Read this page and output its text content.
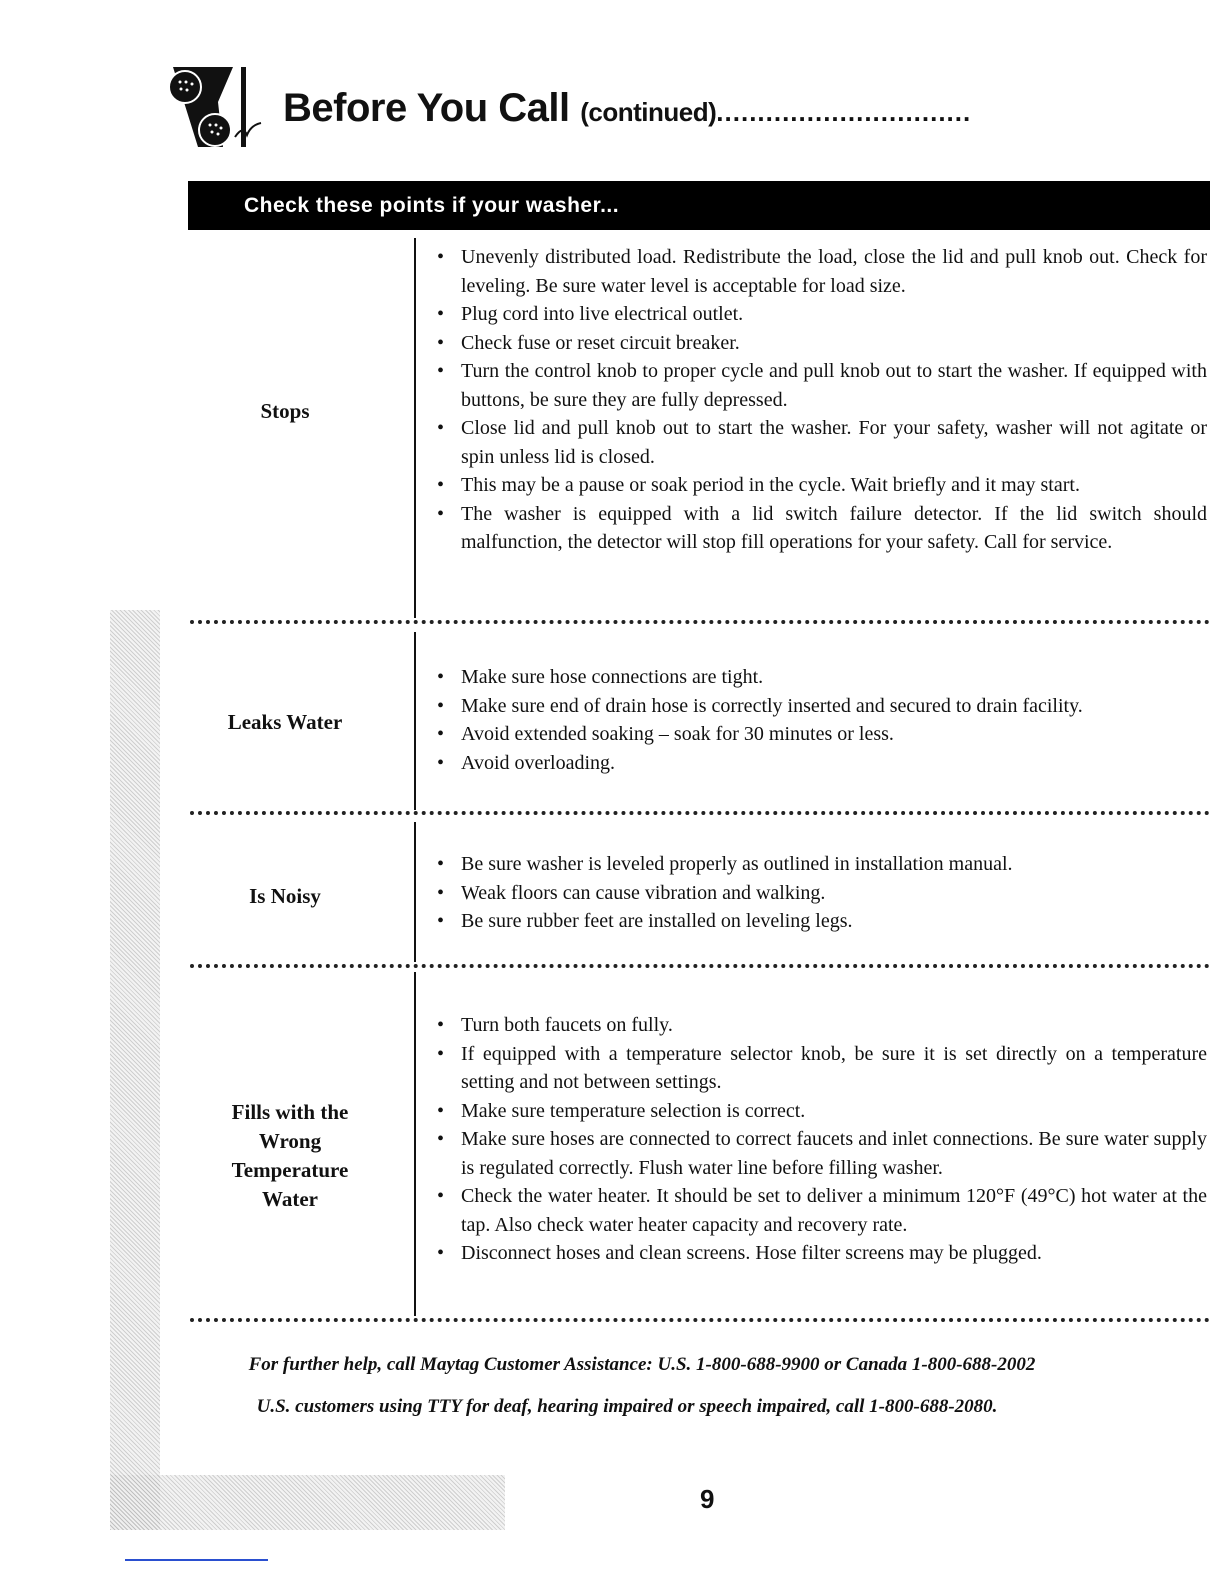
Before You Call (continued)...............................
Check these points if your washer...
Stops
• Unevenly distributed load. Redistribute the load, close the lid and pull knob out. Check for leveling. Be sure water level is acceptable for load size.
• Plug cord into live electrical outlet.
• Check fuse or reset circuit breaker.
• Turn the control knob to proper cycle and pull knob out to start the washer. If equipped with buttons, be sure they are fully depressed.
• Close lid and pull knob out to start the washer. For your safety, washer will not agitate or spin unless lid is closed.
• This may be a pause or soak period in the cycle. Wait briefly and it may start.
• The washer is equipped with a lid switch failure detector. If the lid switch should malfunction, the detector will stop fill operations for your safety. Call for service.
Leaks Water
• Make sure hose connections are tight.
• Make sure end of drain hose is correctly inserted and secured to drain facility.
• Avoid extended soaking – soak for 30 minutes or less.
• Avoid overloading.
Is Noisy
• Be sure washer is leveled properly as outlined in installation manual.
• Weak floors can cause vibration and walking.
• Be sure rubber feet are installed on leveling legs.
Fills with the Wrong Temperature Water
• Turn both faucets on fully.
• If equipped with a temperature selector knob, be sure it is set directly on a temperature setting and not between settings.
• Make sure temperature selection is correct.
• Make sure hoses are connected to correct faucets and inlet connections. Be sure water supply is regulated correctly. Flush water line before filling washer.
• Check the water heater. It should be set to deliver a minimum 120°F (49°C) hot water at the tap. Also check water heater capacity and recovery rate.
• Disconnect hoses and clean screens. Hose filter screens may be plugged.
For further help, call Maytag Customer Assistance: U.S. 1-800-688-9900 or Canada 1-800-688-2002
U.S. customers using TTY for deaf, hearing impaired or speech impaired, call 1-800-688-2080.
9
